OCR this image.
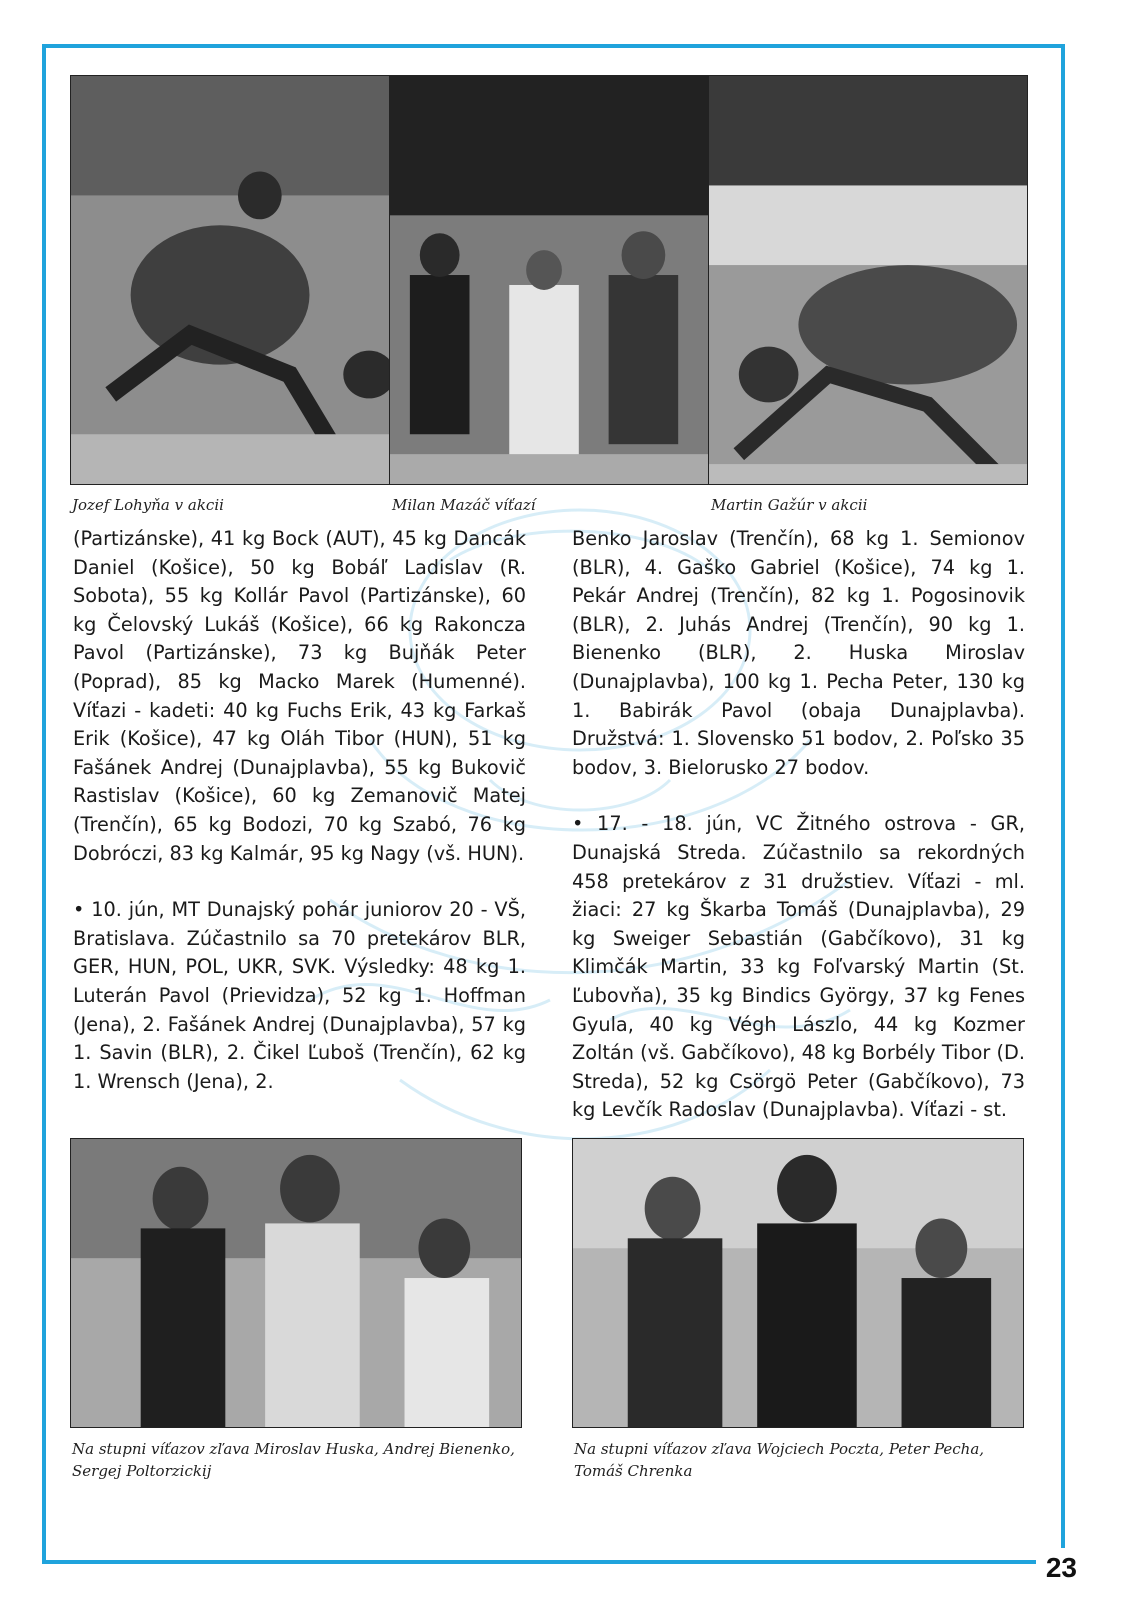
Jozef Lohyňa v akcii	Milan Mazáč víťazí	Martin Gažúr v akcii

(Partizánske), 41 kg Bock (AUT), 45 kg Dancák Daniel (Košice), 50 kg Bobáľ Ladislav (R. Sobota), 55 kg Kollár Pavol (Partizánske), 60 kg Čelovský Lukáš (Košice), 66 kg Rakoncza Pavol (Partizánske), 73 kg Bujňák Peter (Poprad), 85 kg Macko Marek (Humenné). Víťazi - kadeti: 40 kg Fuchs Erik, 43 kg Farkaš Erik (Košice), 47 kg Oláh Tibor (HUN), 51 kg Fašánek Andrej (Dunajplavba), 55 kg Bukovič Rastislav (Košice), 60 kg Zemanovič Matej (Trenčín), 65 kg Bodozi, 70 kg Szabó, 76 kg Dobróczi, 83 kg Kalmár, 95 kg Nagy (vš. HUN).

• 10. jún, MT Dunajský pohár juniorov 20 - VŠ, Bratislava. Zúčastnilo sa 70 pretekárov BLR, GER, HUN, POL, UKR, SVK. Výsledky: 48 kg 1. Luterán Pavol (Prievidza), 52 kg 1. Hoffman (Jena), 2. Fašánek Andrej (Dunajplavba), 57 kg 1. Savin (BLR), 2. Čikel Ľuboš (Trenčín), 62 kg 1. Wrensch (Jena), 2.

Benko Jaroslav (Trenčín), 68 kg 1. Semionov (BLR), 4. Gaško Gabriel (Košice), 74 kg 1. Pekár Andrej (Trenčín), 82 kg 1. Pogosinovik (BLR), 2. Juhás Andrej (Trenčín), 90 kg 1. Bienenko (BLR), 2. Huska Miroslav (Dunajplavba), 100 kg 1. Pecha Peter, 130 kg 1. Babirák Pavol (obaja Dunajplavba). Družstvá: 1. Slovensko 51 bodov, 2. Poľsko 35 bodov, 3. Bielorusko 27 bodov.

• 17. - 18. jún, VC Žitného ostrova - GR, Dunajská Streda. Zúčastnilo sa rekordných 458 pretekárov z 31 družstiev. Víťazi - ml. žiaci: 27 kg Škarba Tomáš (Dunajplavba), 29 kg Sweiger Sebastián (Gabčíkovo), 31 kg Klimčák Martin, 33 kg Foľvarský Martin (St. Ľubovňa), 35 kg Bindics György, 37 kg Fenes Gyula, 40 kg Végh Lászlo, 44 kg Kozmer Zoltán (vš. Gabčíkovo), 48 kg Borbély Tibor (D. Streda), 52 kg Csörgö Peter (Gabčíkovo), 73 kg Levčík Radoslav (Dunajplavba). Víťazi - st.

Na stupni víťazov zľava Miroslav Huska, Andrej Bienenko, Sergej Poltorzickij
Na stupni víťazov zľava Wojciech Poczta, Peter Pecha, Tomáš Chrenka
23
